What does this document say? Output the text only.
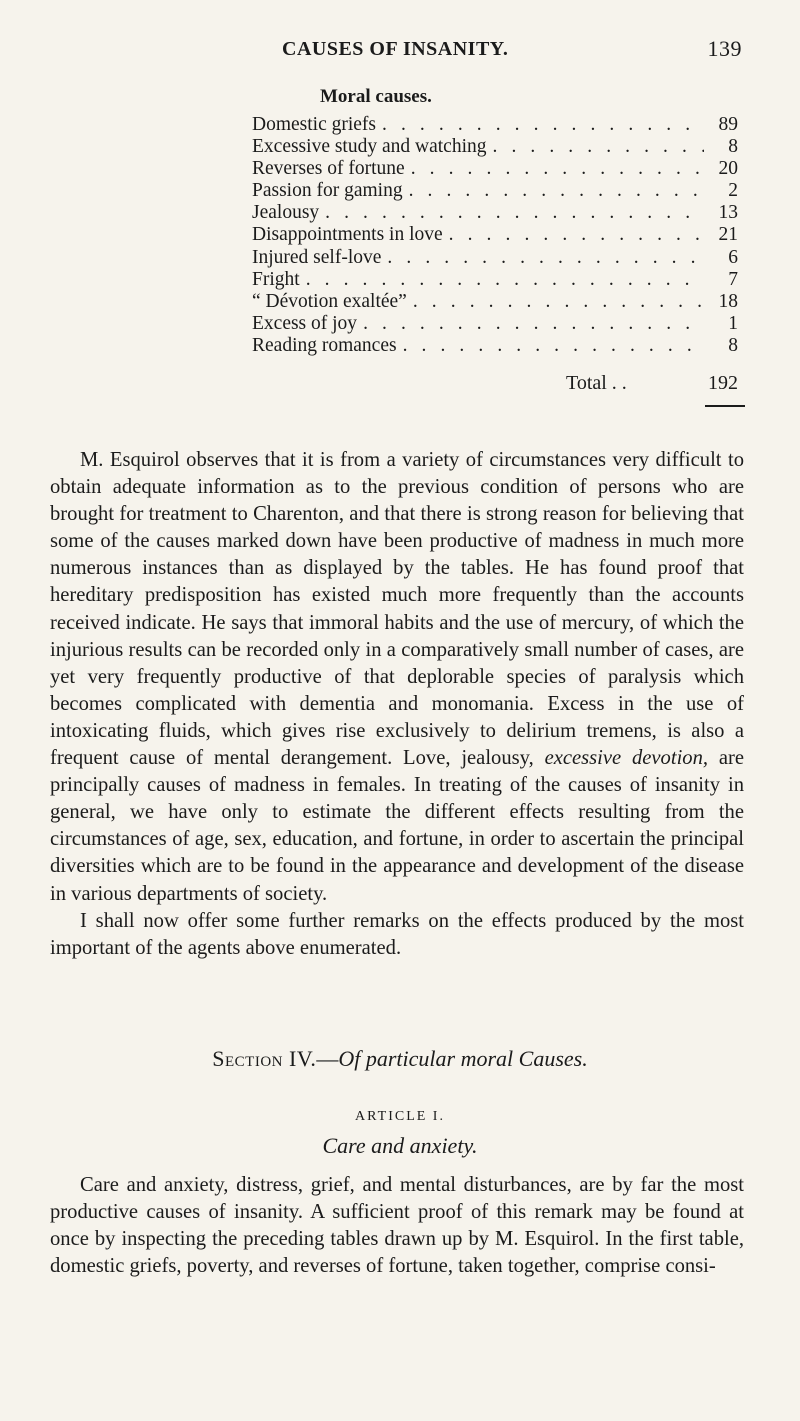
CAUSES OF INSANITY.	139
Moral causes.
Domestic griefs . . .	89
Excessive study and watching . . .	8
Reverses of fortune . . .	20
Passion for gaming . . .	2
Jealousy . . .	13
Disappointments in love . . .	21
Injured self-love . . .	6
Fright . . .	7
“ Dévotion exaltée” . . .	18
Excess of joy . . .	1
Reading romances . . .	8
Total . .	192

M. Esquirol observes that it is from a variety of circumstances very difficult to obtain adequate information as to the previous condition of persons who are brought for treatment to Charenton, and that there is strong reason for believing that some of the causes marked down have been productive of madness in much more numerous instances than as displayed by the tables. He has found proof that hereditary predisposition has existed much more frequently than the accounts received indicate. He says that immoral habits and the use of mercury, of which the injurious results can be recorded only in a comparatively small number of cases, are yet very frequently productive of that deplorable species of paralysis which becomes complicated with dementia and monomania. Excess in the use of intoxicating fluids, which gives rise exclusively to delirium tremens, is also a frequent cause of mental derangement. Love, jealousy, excessive devotion, are principally causes of madness in females. In treating of the causes of insanity in general, we have only to estimate the different effects resulting from the circumstances of age, sex, education, and fortune, in order to ascertain the principal diversities which are to be found in the appearance and development of the disease in various departments of society.

I shall now offer some further remarks on the effects produced by the most important of the agents above enumerated.

Section IV.—Of particular moral Causes.
ARTICLE I.
Care and anxiety.

Care and anxiety, distress, grief, and mental disturbances, are by far the most productive causes of insanity. A sufficient proof of this remark may be found at once by inspecting the preceding tables drawn up by M. Esquirol. In the first table, domestic griefs, poverty, and reverses of fortune, taken together, comprise consi-
